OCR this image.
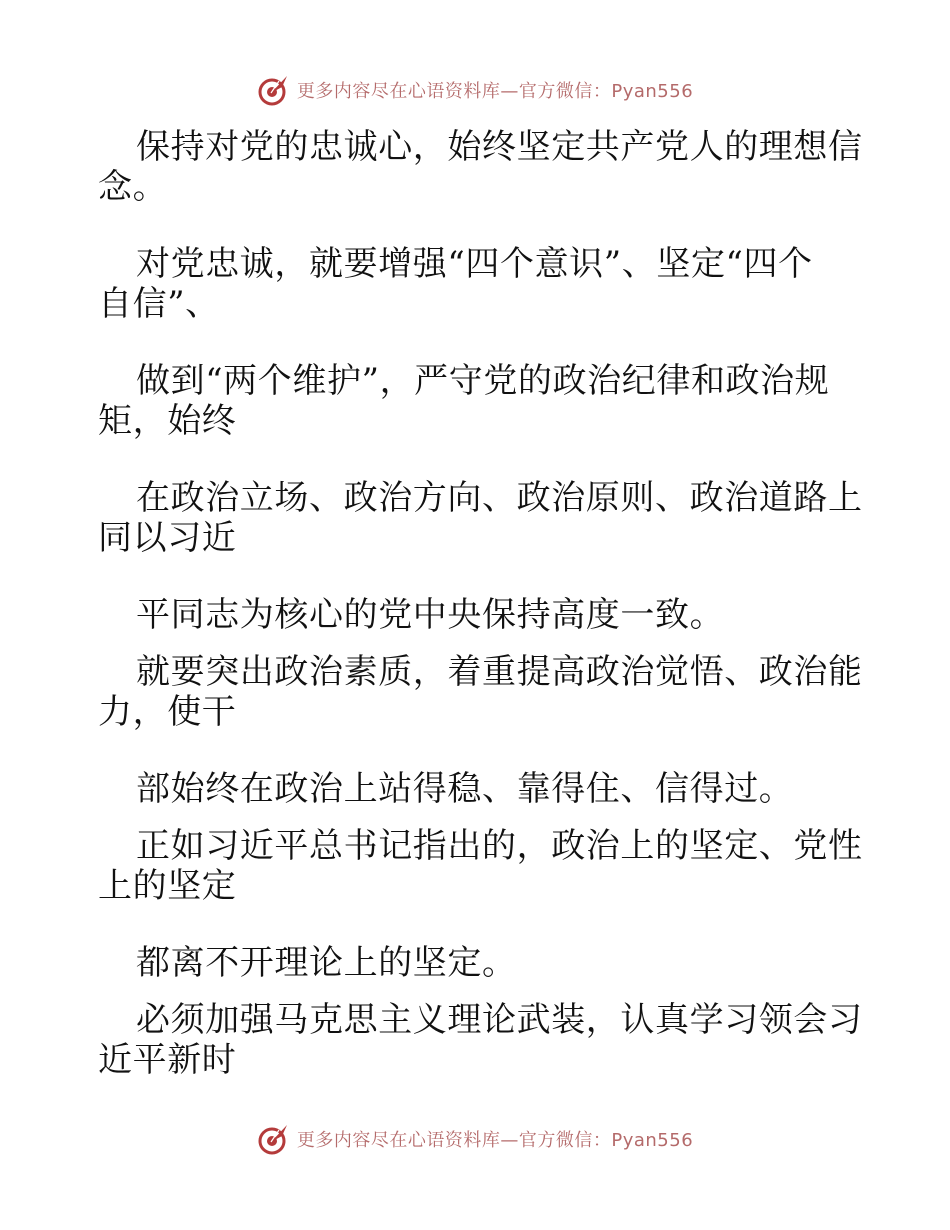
更多内容尽在心语资料库—官方微信：Pyan556
保持对党的忠诚心，始终坚定共产党人的理想信
念。
对党忠诚，就要增强“四个意识”、坚定“四个
自信”、
做到“两个维护”，严守党的政治纪律和政治规
矩，始终
在政治立场、政治方向、政治原则、政治道路上
同以习近
平同志为核心的党中央保持高度一致。
就要突出政治素质，着重提高政治觉悟、政治能
力，使干
部始终在政治上站得稳、靠得住、信得过。
正如习近平总书记指出的，政治上的坚定、党性
上的坚定
都离不开理论上的坚定。
必须加强马克思主义理论武装，认真学习领会习
近平新时
更多内容尽在心语资料库—官方微信：Pyan556
